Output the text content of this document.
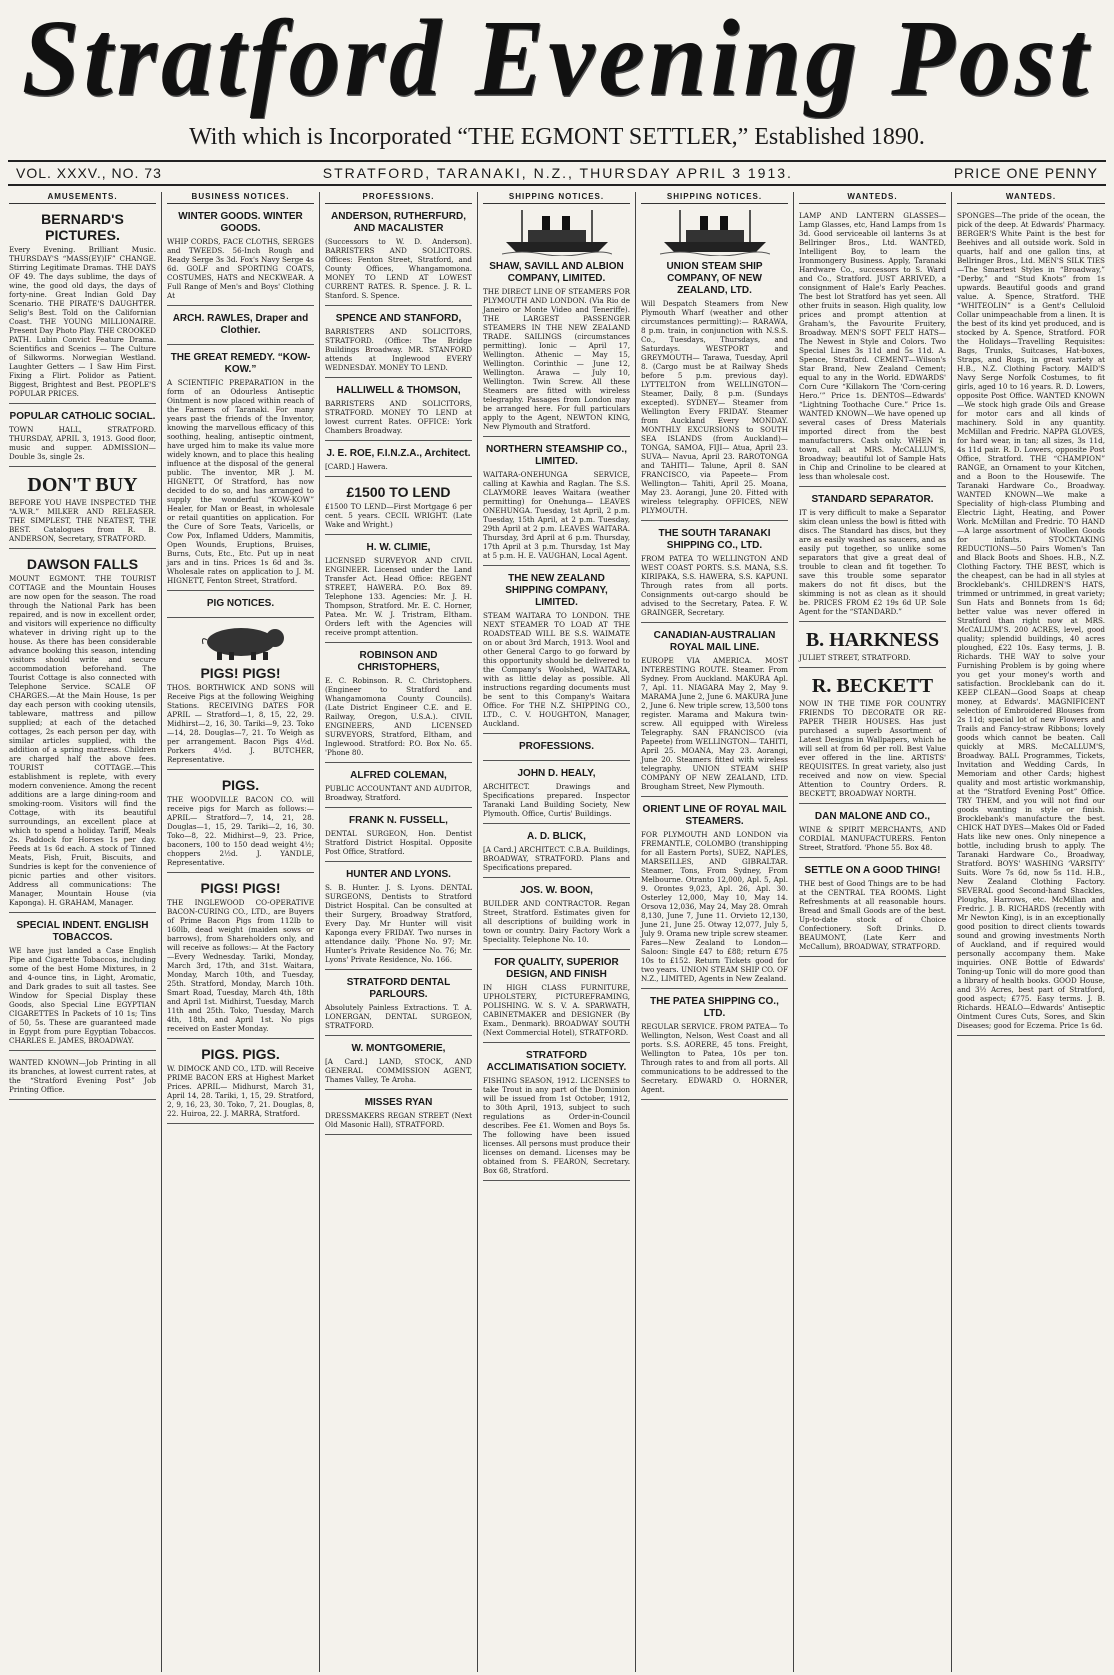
Stratford Evening Post
With which is Incorporated “THE EGMONT SETTLER,” Established 1890.
VOL. XXXV., NO. 73	STRATFORD, TARANAKI, N.Z., THURSDAY APRIL 3 1913.	PRICE ONE PENNY
AMUSEMENTS.
BERNARD'S PICTURES.
Every Evening. Brilliant Music. THURSDAY'S “MASS(EY)IF” CHANGE. Stirring Legitimate Dramas. THE DAYS OF 49. The days sublime, the days of wine, the good old days, the days of forty-nine. Great Indian Gold Day Scenario. THE PIRATE'S DAUGHTER. Selig's Best. Told on the Californian Coast. THE YOUNG MILLIONAIRE. Present Day Photo Play. THE CROOKED PATH. Lubin Convict Feature Drama. Scientifics and Scenics — The Culture of Silkworms. Norwegian Westland. Laughter Getters — I Saw Him First. Fixing a Flirt. Polidor as Patient. Biggest, Brightest and Best. PEOPLE'S POPULAR PRICES.
POPULAR CATHOLIC SOCIAL.
TOWN HALL, STRATFORD. THURSDAY, APRIL 3, 1913. Good floor, music and supper. ADMISSION—Double 3s, single 2s.
DON'T BUY
BEFORE YOU HAVE INSPECTED THE “A.W.R.” MILKER AND RELEASER. THE SIMPLEST, THE NEATEST, THE BEST. Catalogues from R. B. ANDERSON, Secretary, STRATFORD.
DAWSON FALLS
MOUNT EGMONT. THE TOURIST COTTAGE and the Mountain Houses are now open for the season. The road through the National Park has been repaired, and is now in excellent order, and visitors will experience no difficulty whatever in driving right up to the house. As there has been considerable advance booking this season, intending visitors should write and secure accommodation beforehand. The Tourist Cottage is also connected with Telephone Service. SCALE OF CHARGES.—At the Main House, 1s per day each person with cooking utensils, tableware, mattress and pillow supplied; at each of the detached cottages, 2s each person per day, with similar articles supplied, with the addition of a spring mattress. Children are charged half the above fees. TOURIST COTTAGE.—This establishment is replete, with every modern convenience. Among the recent additions are a large dining-room and smoking-room. Visitors will find the Cottage, with its beautiful surroundings, an excellent place at which to spend a holiday. Tariff, Meals 2s. Paddock for Horses 1s per day. Feeds at 1s 6d each. A stock of Tinned Meats, Fish, Fruit, Biscuits, and Sundries is kept for the convenience of picnic parties and other visitors. Address all communications: The Manager, Mountain House (via Kaponga). H. GRAHAM, Manager.
SPECIAL INDENT. ENGLISH TOBACCOS.
WE have just landed a Case English Pipe and Cigarette Tobaccos, including some of the best Home Mixtures, in 2 and 4-ounce tins, in Light, Aromatic, and Dark grades to suit all tastes. See Window for Special Display these Goods, also Special Line EGYPTIAN CIGARETTES In Packets of 10 1s; Tins of 50, 5s. These are guaranteed made in Egypt from pure Egyptian Tobaccos. CHARLES E. JAMES, BROADWAY.
WANTED KNOWN—Job Printing in all its branches, at lowest current rates, at the “Stratford Evening Post” Job Printing Office.
BUSINESS NOTICES.
WINTER GOODS. WINTER GOODS.
WHIP CORDS, FACE CLOTHS, SERGES and TWEEDS. 56-Inch Rough and Ready Serge 3s 3d. Fox's Navy Serge 4s 6d. GOLF and SPORTING COATS, COSTUMES, HATS and NECKWEAR. A Full Range of Men's and Boys' Clothing At
ARCH. RAWLES, Draper and Clothier.
THE GREAT REMEDY. “KOW-KOW.”
A SCIENTIFIC PREPARATION in the form of an Odourless Antiseptic Ointment is now placed within reach of the Farmers of Taranaki. For many years past the friends of the Inventor, knowing the marvellous efficacy of this soothing, healing, antiseptic ointment, have urged him to make its value more widely known, and to place this healing influence at the disposal of the general public. The inventor, MR J. M. HIGNETT, Of Stratford, has now decided to do so, and has arranged to supply the wonderful “KOW-KOW” Healer, for Man or Beast, in wholesale or retail quantities on application. For the Cure of Sore Teats, Varicells, or Cow Pox, Inflamed Udders, Mammitis, Open Wounds, Eruptions, Bruises, Burns, Cuts, Etc., Etc. Put up in neat jars and in tins. Prices 1s 6d and 3s. Wholesale rates on application to J. M. HIGNETT, Fenton Street, Stratford.
PIG NOTICES.
PIGS! PIGS!
THOS. BORTHWICK AND SONS will Receive Pigs at the following Weighing Stations. RECEIVING DATES FOR APRIL — Stratford—1, 8, 15, 22, 29. Midhirst—2, 16, 30. Tariki—9, 23. Toko—14, 28. Douglas—7, 21. To Weigh as per arrangement. Bacon Pigs 4½d. Porkers 4½d. J. BUTCHER, Representative.
PIGS.
THE WOODVILLE BACON CO. will receive pigs for March as follows:— APRIL— Stratford—7, 14, 21, 28. Douglas—1, 15, 29. Tariki—2, 16, 30. Toko—8, 22. Midhirst—9, 23. Price, baconers, 100 to 150 dead weight 4½; choppers 2½d. J. YANDLE, Representative.
PIGS! PIGS!
THE INGLEWOOD CO-OPERATIVE BACON-CURING CO., LTD., are Buyers of Prime Bacon Pigs from 112lb to 160lb, dead weight (maiden sows or barrows), from Shareholders only, and will receive as follows:— At the Factory—Every Wednesday. Tariki, Monday, March 3rd, 17th, and 31st. Waitara, Monday, March 10th, and Tuesday, 25th. Stratford, Monday, March 10th. Smart Road, Tuesday, March 4th, 18th and April 1st. Midhirst, Tuesday, March 11th and 25th. Toko, Tuesday, March 4th, 18th, and April 1st. No pigs received on Easter Monday.
PIGS. PIGS.
W. DIMOCK AND CO., LTD. will Receive PRIME BACON ERS at Highest Market Prices. APRIL— Midhurst, March 31, April 14, 28. Tariki, 1, 15, 29. Stratford, 2, 9, 16, 23, 30. Toko, 7, 21. Douglas, 8, 22. Huiroa, 22. J. MARRA, Stratford.
PROFESSIONS.
ANDERSON, RUTHERFURD, AND MACALISTER
(Successors to W. D. Anderson). BARRISTERS AND SOLICITORS. Offices: Fenton Street, Stratford, and County Offices, Whangamomona. MONEY TO LEND AT LOWEST CURRENT RATES. R. Spence. J. R. L. Stanford. S. Spence.
SPENCE AND STANFORD,
BARRISTERS AND SOLICITORS, STRATFORD. (Office: The Bridge Buildings Broadway. MR. STANFORD attends at Inglewood EVERY WEDNESDAY. MONEY TO LEND.
HALLIWELL & THOMSON,
BARRISTERS AND SOLICITORS, STRATFORD. MONEY TO LEND at lowest current Rates. OFFICE: York Chambers Broadway.
J. E. ROE, F.I.N.Z.A., Architect.
[CARD.] Hawera.
£1500 TO LEND
£1500 TO LEND—First Mortgage 6 per cent. 5 years. CECIL WRIGHT. (Late Wake and Wright.)
H. W. CLIMIE,
LICENSED SURVEYOR AND CIVIL ENGINEER. Licensed under the Land Transfer Act. Head Office: REGENT STREET, HAWERA. P.O. Box 89. Telephone 133. Agencies: Mr. J. H. Thompson, Stratford. Mr. E. C. Horner, Patea. Mr. W. J. Tristram, Eltham. Orders left with the Agencies will receive prompt attention.
ROBINSON AND CHRISTOPHERS,
E. C. Robinson. R. C. Christophers. (Engineer to Stratford and Whangamomona County Councils). (Late District Engineer C.E. and E. Railway, Oregon, U.S.A.). CIVIL ENGINEERS, AND LICENSED SURVEYORS, Stratford, Eltham, and Inglewood. Stratford: P.O. Box No. 65. 'Phone 80.
ALFRED COLEMAN,
PUBLIC ACCOUNTANT AND AUDITOR, Broadway, Stratford.
FRANK N. FUSSELL,
DENTAL SURGEON, Hon. Dentist Stratford District Hospital. Opposite Post Office, Stratford.
HUNTER AND LYONS.
S. B. Hunter. J. S. Lyons. DENTAL SURGEONS, Dentists to Stratford District Hospital. Can be consulted at their Surgery, Broadway Stratford, Every Day. Mr Hunter will visit Kaponga every FRIDAY. Two nurses in attendance daily. 'Phone No. 97; Mr. Hunter's Private Residence No. 76; Mr. Lyons' Private Residence, No. 166.
STRATFORD DENTAL PARLOURS.
Absolutely Painless Extractions. T. A. LONERGAN, DENTAL SURGEON, STRATFORD.
W. MONTGOMERIE,
[A Card.] LAND, STOCK, AND GENERAL COMMISSION AGENT, Thames Valley, Te Aroha.
MISSES RYAN
DRESSMAKERS REGAN STREET (Next Old Masonic Hall), STRATFORD.
SHIPPING NOTICES.
SHAW, SAVILL AND ALBION COMPANY, LIMITED.
THE DIRECT LINE OF STEAMERS FOR PLYMOUTH AND LONDON. (Via Rio de Janeiro or Monte Video and Teneriffe). THE LARGEST PASSENGER STEAMERS IN THE NEW ZEALAND TRADE. SAILINGS (circumstances permitting). Ionic — April 17, Wellington. Athenic — May 15, Wellington. Corinthic — June 12, Wellington. Arawa — July 10, Wellington. Twin Screw. All these Steamers are fitted with wireless telegraphy. Passages from London may be arranged here. For full particulars apply to the Agent, NEWTON KING, New Plymouth and Stratford.
NORTHERN STEAMSHIP CO., LIMITED.
WAITARA-ONEHUNGA SERVICE, calling at Kawhia and Raglan. The S.S. CLAYMORE leaves Waitara (weather permitting) for Onehunga— LEAVES ONEHUNGA. Tuesday, 1st April, 2 p.m. Tuesday, 15th April, at 2 p.m. Tuesday, 29th April at 2 p.m. LEAVES WAITARA. Thursday, 3rd April at 6 p.m. Thursday, 17th April at 3 p.m. Thursday, 1st May at 5 p.m. H. E. VAUGHAN, Local Agent.
THE NEW ZEALAND SHIPPING COMPANY, LIMITED.
STEAM WAITARA TO LONDON. THE NEXT STEAMER TO LOAD AT THE ROADSTEAD WILL BE S.S. WAIMATE on or about 3rd March, 1913. Wool and other General Cargo to go forward by this opportunity should be delivered to the Company's Woolshed, WAITARA, with as little delay as possible. All instructions regarding documents must be sent to this Company's Waitara Office. For THE N.Z. SHIPPING CO., LTD., C. V. HOUGHTON, Manager, Auckland.
PROFESSIONS.
JOHN D. HEALY,
ARCHITECT. Drawings and Specifications prepared. Inspector Taranaki Land Building Society, New Plymouth. Office, Curtis' Buildings.
A. D. BLICK,
[A Card.] ARCHITECT. C.B.A. Buildings, BROADWAY, STRATFORD. Plans and Specifications prepared.
JOS. W. BOON,
BUILDER AND CONTRACTOR. Regan Street, Stratford. Estimates given for all descriptions of building work in town or country. Dairy Factory Work a Speciality. Telephone No. 10.
FOR QUALITY, SUPERIOR DESIGN, AND FINISH
IN HIGH CLASS FURNITURE, UPHOLSTERY, PICTUREFRAMING, POLISHING. W. S. V. A. SPARWATH, CABINETMAKER and DESIGNER (By Exam., Denmark). BROADWAY SOUTH (Next Commercial Hotel), STRATFORD.
STRATFORD ACCLIMATISATION SOCIETY.
FISHING SEASON, 1912. LICENSES to take Trout in any part of the Dominion will be issued from 1st October, 1912, to 30th April, 1913, subject to such regulations as Order-in-Council describes. Fee £1. Women and Boys 5s. The following have been issued licenses. All persons must produce their licenses on demand. Licenses may be obtained from S. FEARON, Secretary. Box 68, Stratford.
SHIPPING NOTICES.
UNION STEAM SHIP COMPANY, OF NEW ZEALAND, LTD.
Will Despatch Steamers from New Plymouth Wharf (weather and other circumstances permitting):— RARAWA, 8 p.m. train, in conjunction with N.S.S. Co., Tuesdays, Thursdays, and Saturdays. WESTPORT and GREYMOUTH— Tarawa, Tuesday, April 8. (Cargo must be at Railway Sheds before 5 p.m. previous day). LYTTELTON from WELLINGTON— Steamer, Daily, 8 p.m. (Sundays excepted). SYDNEY— Steamer from Wellington Every FRIDAY. Steamer from Auckland Every MONDAY. MONTHLY EXCURSIONS to SOUTH SEA ISLANDS (from Auckland)— TONGA, SAMOA, FIJI— Atua, April 23. SUVA— Navua, April 23. RAROTONGA and TAHITI— Talune, April 8. SAN FRANCISCO, via Papeete— From Wellington— Tahiti, April 25. Moana, May 23. Aorangi, June 20. Fitted with wireless telegraphy. OFFICES, NEW PLYMOUTH.
THE SOUTH TARANAKI SHIPPING CO., LTD.
FROM PATEA TO WELLINGTON AND WEST COAST PORTS. S.S. MANA, S.S. KIRIPAKA, S.S. HAWERA, S.S. KAPUNI. Through rates from all ports. Consignments out-cargo should be advised to the Secretary, Patea. F. W. GRAINGER, Secretary.
CANADIAN-AUSTRALIAN ROYAL MAIL LINE.
EUROPE VIA AMERICA. MOST INTERESTING ROUTE. Steamer. From Sydney. From Auckland. MAKURA Apl. 7, Apl. 11. NIAGARA May 2, May 9. MARAMA June 2, June 6. MAKURA June 2, June 6. New triple screw, 13,500 tons register. Marama and Makura twin-screw. All equipped with Wireless Telegraphy. SAN FRANCISCO (via Papeete) from WELLINGTON— TAHITI, April 25. MOANA, May 23. Aorangi, June 20. Steamers fitted with wireless telegraphy. UNION STEAM SHIP COMPANY OF NEW ZEALAND, LTD. Brougham Street, New Plymouth.
ORIENT LINE OF ROYAL MAIL STEAMERS.
FOR PLYMOUTH AND LONDON via FREMANTLE, COLOMBO (transhipping for all Eastern Ports), SUEZ, NAPLES, MARSEILLES, AND GIBRALTAR. Steamer, Tons, From Sydney, From Melbourne. Otranto 12,000, Apl. 5, Apl. 9. Orontes 9,023, Apl. 26, Apl. 30. Osterley 12,000, May 10, May 14. Orsova 12,036, May 24, May 28. Omrah 8,130, June 7, June 11. Orvieto 12,130, June 21, June 25. Otway 12,077, July 5, July 9. Orama new triple screw steamer. Fares—New Zealand to London—Saloon: Single £47 to £88; return £75 10s to £152. Return Tickets good for two years. UNION STEAM SHIP CO. OF N.Z., LIMITED, Agents in New Zealand.
THE PATEA SHIPPING CO., LTD.
REGULAR SERVICE. FROM PATEA— To Wellington, Nelson, West Coast and all ports. S.S. AORERE, 45 tons. Freight, Wellington to Patea, 10s per ton. Through rates to and from all ports. All communications to be addressed to the Secretary. EDWARD O. HORNER, Agent.
WANTEDS.
LAMP AND LANTERN GLASSES—Lamp Glasses, etc, Hand Lamps from 1s 3d. Good serviceable oil lanterns 3s at Bellringer Bros., Ltd. WANTED, Intelligent Boy, to learn the Ironmongery Business. Apply, Taranaki Hardware Co., successors to S. Ward and Co., Stratford. JUST ARRIVED, a consignment of Hale's Early Peaches. The best lot Stratford has yet seen. All other fruits in season. High quality, low prices and prompt attention at Graham's, the Favourite Fruitery, Broadway. MEN'S SOFT FELT HATS—The Newest in Style and Colors. Two Special Lines 3s 11d and 5s 11d. A. Spence, Stratford. CEMENT—Wilson's Star Brand, New Zealand Cement; equal to any in the World. EDWARDS' Corn Cure “Killakorn The ‘Corn-cering Hero.’” Price 1s. DENTOS—Edwards' “Lightning Toothache Cure.” Price 1s. WANTED KNOWN—We have opened up several cases of Dress Materials imported direct from the best manufacturers. Cash only. WHEN in town, call at MRS. McCALLUM'S, Broadway; beautiful lot of Sample Hats in Chip and Crinoline to be cleared at less than wholesale cost.
STANDARD SEPARATOR.
IT is very difficult to make a Separator skim clean unless the bowl is fitted with discs. The Standard has discs, but they are as easily washed as saucers, and as easily put together, so unlike some separators that give a great deal of trouble to clean and fit together. To save this trouble some separator makers do not fit discs, but the skimming is not as clean as it should be. PRICES FROM £2 19s 6d UP. Sole Agent for the “STANDARD.”
B. HARKNESS
JULIET STREET, STRATFORD.
R. BECKETT
NOW IN THE TIME FOR COUNTRY FRIENDS TO DECORATE OR RE-PAPER THEIR HOUSES. Has just purchased a superb Assortment of Latest Designs in Wallpapers, which he will sell at from 6d per roll. Best Value ever offered in the line. ARTISTS' REQUISITES. In great variety, also just received and now on view. Special Attention to Country Orders. R. BECKETT, BROADWAY NORTH.
DAN MALONE AND CO.,
WINE & SPIRIT MERCHANTS, AND CORDIAL MANUFACTURERS. Fenton Street, Stratford. 'Phone 55. Box 48.
SETTLE ON A GOOD THING!
THE best of Good Things are to be had at the CENTRAL TEA ROOMS. Light Refreshments at all reasonable hours. Bread and Small Goods are of the best. Up-to-date stock of Choice Confectionery. Soft Drinks. D. BEAUMONT, (Late Kerr and McCallum), BROADWAY, STRATFORD.
WANTEDS.
SPONGES—The pride of the ocean, the pick of the deep. At Edwards' Pharmacy. BERGER'S White Paint is the best for Beehives and all outside work. Sold in quarts, half and one gallon tins, at Bellringer Bros., Ltd. MEN'S SILK TIES—The Smartest Styles in “Broadway,” “Derby,” and “Stud Knots” from 1s upwards. Beautiful goods and grand value. A. Spence, Stratford. THE “WHITEOLIN” is a Gent's Celluloid Collar unimpeachable from a linen. It is the best of its kind yet produced, and is stocked by A. Spence, Stratford. FOR the Holidays—Travelling Requisites: Bags, Trunks, Suitcases, Hat-boxes, Straps, and Rugs, in great variety at H.B., N.Z. Clothing Factory. MAID'S Navy Serge Norfolk Costumes, to fit girls, aged 10 to 16 years. R. D. Lowers, opposite Post Office. WANTED KNOWN—We stock high grade Oils and Grease for motor cars and all kinds of machinery. Sold in any quantity. McMillan and Fredric. NAPPA GLOVES, for hard wear, in tan; all sizes, 3s 11d, 4s 11d pair. R. D. Lowers, opposite Post Office, Stratford. THE “CHAMPION” RANGE, an Ornament to your Kitchen, and a Boon to the Housewife. The Taranaki Hardware Co., Broadway. WANTED KNOWN—We make a Speciality of high-class Plumbing and Electric Light, Heating, and Power Work. McMillan and Fredric. TO HAND—A large assortment of Woollen Goods for infants. STOCKTAKING REDUCTIONS—50 Pairs Women's Tan and Black Boots and Shoes. H.B., N.Z. Clothing Factory. THE BEST, which is the cheapest, can be had in all styles at Brocklebank's. CHILDREN'S HATS, trimmed or untrimmed, in great variety; Sun Hats and Bonnets from 1s 6d; better value was never offered in Stratford than right now at MRS. McCALLUM'S. 200 ACRES, level, good quality; splendid buildings, 40 acres ploughed, £22 10s. Easy terms, J. B. Richards. THE WAY to solve your Furnishing Problem is by going where you get your money's worth and satisfaction. Brocklebank can do it. KEEP CLEAN—Good Soaps at cheap money, at Edwards'. MAGNIFICENT selection of Embroidered Blouses from 2s 11d; special lot of new Flowers and Trails and Fancy-straw Ribbons; lovely goods which cannot be beaten. Call quickly at MRS. McCALLUM'S, Broadway. BALL Programmes, Tickets, Invitation and Wedding Cards, In Memoriam and other Cards; highest quality and most artistic workmanship, at the “Stratford Evening Post” Office. TRY THEM, and you will not find our goods wanting in style or finish. Brocklebank's manufacture the best. CHICK HAT DYES—Makes Old or Faded Hats like new ones. Only ninepence a bottle, including brush to apply. The Taranaki Hardware Co., Broadway, Stratford. BOYS' WASHING ‘VARSITY’ Suits. Wore 7s 6d, now 5s 11d. H.B., New Zealand Clothing Factory. SEVERAL good Second-hand Shackles, Ploughs, Harrows, etc. McMillan and Fredric. J. B. RICHARDS (recently with Mr Newton King), is in an exceptionally good position to direct clients towards sound and growing investments North of Auckland, and if required would personally accompany them. Make inquiries. ONE Bottle of Edwards' Toning-up Tonic will do more good than a library of health books. GOOD House, and 3½ Acres, best part of Stratford, good aspect; £775. Easy terms. J. B. Richards. HEALO—Edwards' Antiseptic Ointment Cures Cuts, Sores, and Skin Diseases; good for Eczema. Price 1s 6d.
